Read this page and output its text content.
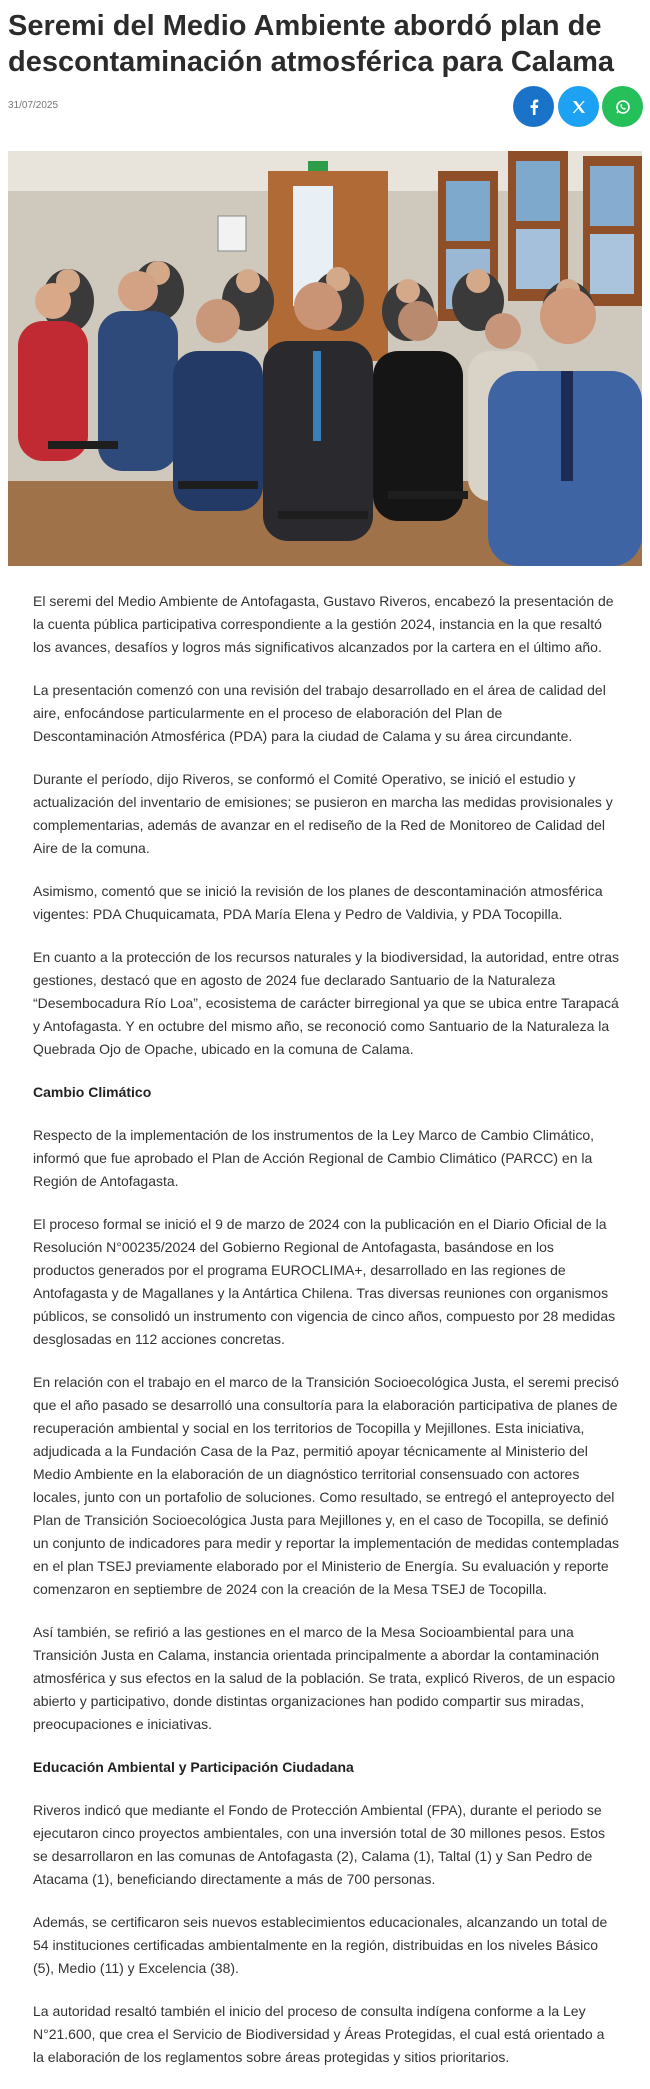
Seremi del Medio Ambiente abordó plan de descontaminación atmosférica para Calama
31/07/2025

El seremi del Medio Ambiente de Antofagasta, Gustavo Riveros, encabezó la presentación de la cuenta pública participativa correspondiente a la gestión 2024, instancia en la que resaltó los avances, desafíos y logros más significativos alcanzados por la cartera en el último año.

La presentación comenzó con una revisión del trabajo desarrollado en el área de calidad del aire, enfocándose particularmente en el proceso de elaboración del Plan de Descontaminación Atmosférica (PDA) para la ciudad de Calama y su área circundante.

Durante el período, dijo Riveros, se conformó el Comité Operativo, se inició el estudio y actualización del inventario de emisiones; se pusieron en marcha las medidas provisionales y complementarias, además de avanzar en el rediseño de la Red de Monitoreo de Calidad del Aire de la comuna.

Asimismo, comentó que se inició la revisión de los planes de descontaminación atmosférica vigentes: PDA Chuquicamata, PDA María Elena y Pedro de Valdivia, y PDA Tocopilla.

En cuanto a la protección de los recursos naturales y la biodiversidad, la autoridad, entre otras gestiones, destacó que en agosto de 2024 fue declarado Santuario de la Naturaleza “Desembocadura Río Loa”, ecosistema de carácter birregional ya que se ubica entre Tarapacá y Antofagasta. Y en octubre del mismo año, se reconoció como Santuario de la Naturaleza la Quebrada Ojo de Opache, ubicado en la comuna de Calama.

Cambio Climático

Respecto de la implementación de los instrumentos de la Ley Marco de Cambio Climático, informó que fue aprobado el Plan de Acción Regional de Cambio Climático (PARCC) en la Región de Antofagasta.

El proceso formal se inició el 9 de marzo de 2024 con la publicación en el Diario Oficial de la Resolución N°00235/2024 del Gobierno Regional de Antofagasta, basándose en los productos generados por el programa EUROCLIMA+, desarrollado en las regiones de Antofagasta y de Magallanes y la Antártica Chilena. Tras diversas reuniones con organismos públicos, se consolidó un instrumento con vigencia de cinco años, compuesto por 28 medidas desglosadas en 112 acciones concretas.

En relación con el trabajo en el marco de la Transición Socioecológica Justa, el seremi precisó que el año pasado se desarrolló una consultoría para la elaboración participativa de planes de recuperación ambiental y social en los territorios de Tocopilla y Mejillones. Esta iniciativa, adjudicada a la Fundación Casa de la Paz, permitió apoyar técnicamente al Ministerio del Medio Ambiente en la elaboración de un diagnóstico territorial consensuado con actores locales, junto con un portafolio de soluciones. Como resultado, se entregó el anteproyecto del Plan de Transición Socioecológica Justa para Mejillones y, en el caso de Tocopilla, se definió un conjunto de indicadores para medir y reportar la implementación de medidas contempladas en el plan TSEJ previamente elaborado por el Ministerio de Energía. Su evaluación y reporte comenzaron en septiembre de 2024 con la creación de la Mesa TSEJ de Tocopilla.

Así también, se refirió a las gestiones en el marco de la Mesa Socioambiental para una Transición Justa en Calama, instancia orientada principalmente a abordar la contaminación atmosférica y sus efectos en la salud de la población. Se trata, explicó Riveros, de un espacio abierto y participativo, donde distintas organizaciones han podido compartir sus miradas, preocupaciones e iniciativas.

Educación Ambiental y Participación Ciudadana

Riveros indicó que mediante el Fondo de Protección Ambiental (FPA), durante el periodo se ejecutaron cinco proyectos ambientales, con una inversión total de 30 millones pesos. Estos se desarrollaron en las comunas de Antofagasta (2), Calama (1), Taltal (1) y San Pedro de Atacama (1), beneficiando directamente a más de 700 personas.

Además, se certificaron seis nuevos establecimientos educacionales, alcanzando un total de 54 instituciones certificadas ambientalmente en la región, distribuidas en los niveles Básico (5), Medio (11) y Excelencia (38).

La autoridad resaltó también el inicio del proceso de consulta indígena conforme a la Ley N°21.600, que crea el Servicio de Biodiversidad y Áreas Protegidas, el cual está orientado a la elaboración de los reglamentos sobre áreas protegidas y sitios prioritarios.
